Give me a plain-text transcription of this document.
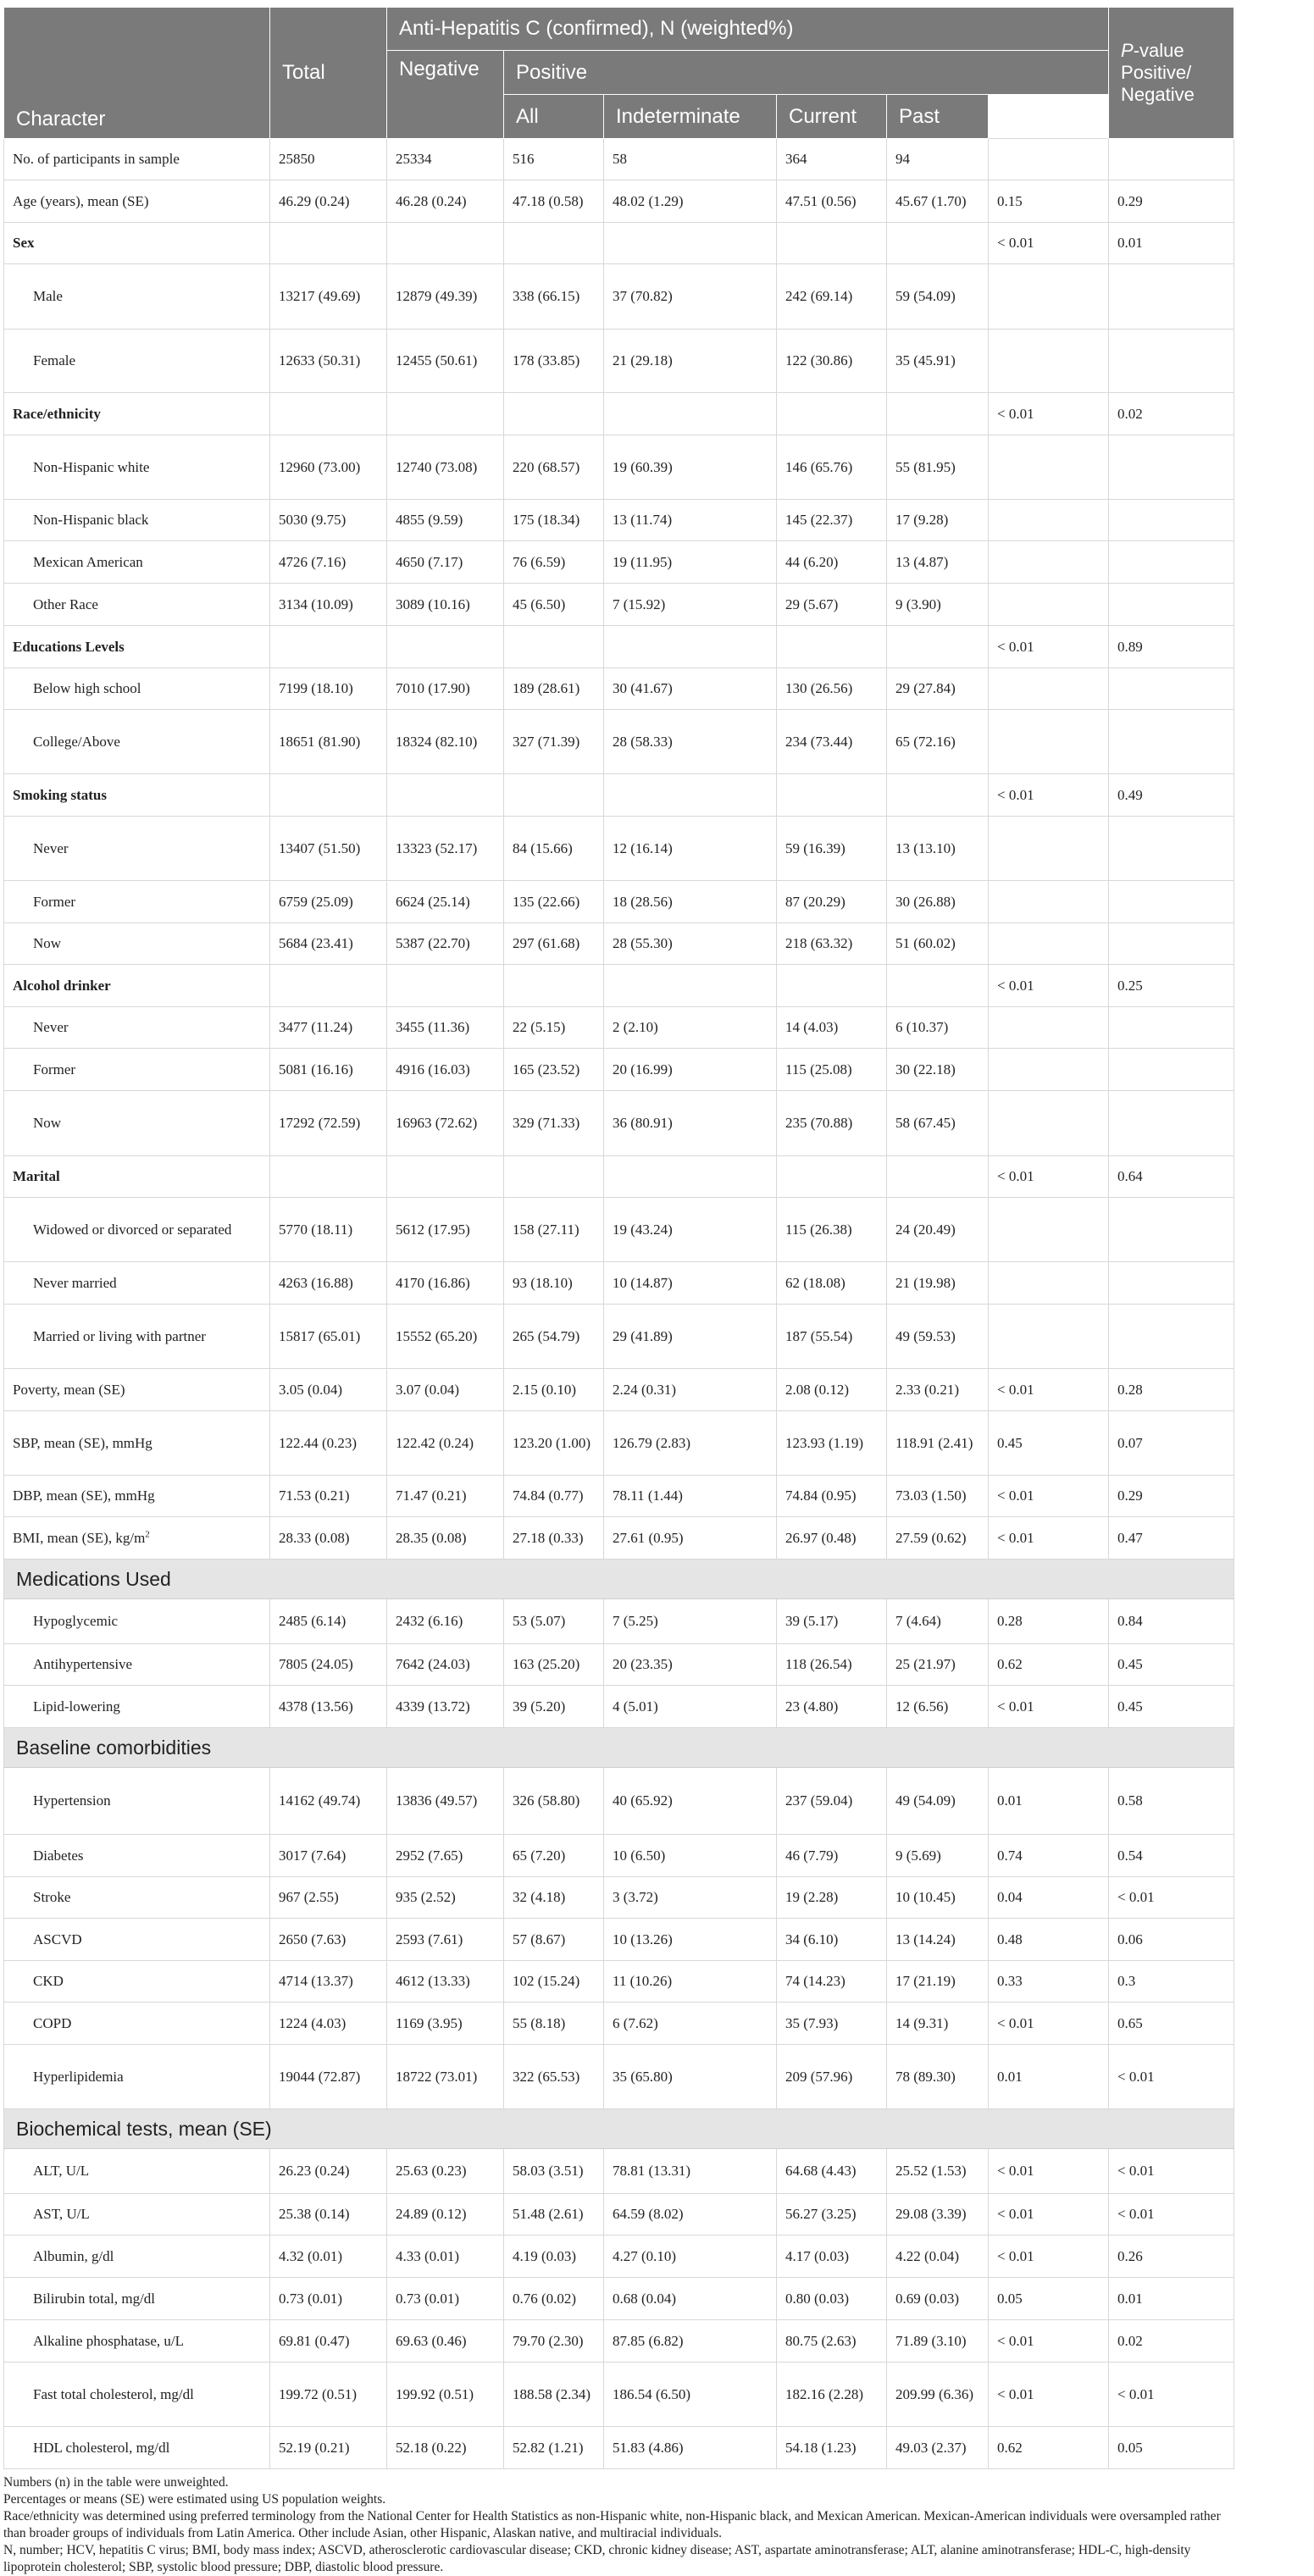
Character	Total	Anti-Hepatitis C (confirmed), N (weighted%)						P-value Positive/ Negative	P-value Current/ Past
		Negative	Positive						
			All	Indeterminate	Current	Past			
No. of participants in sample	25850	25334	516	58	364	94			
Age (years), mean (SE)	46.29 (0.24)	46.28 (0.24)	47.18 (0.58)	48.02 (1.29)	47.51 (0.56)	45.67 (1.70)	0.15	0.29	
Sex							< 0.01	0.01	
Male	13217 (49.69)	12879 (49.39)	338 (66.15)	37 (70.82)	242 (69.14)	59 (54.09)			
Female	12633 (50.31)	12455 (50.61)	178 (33.85)	21 (29.18)	122 (30.86)	35 (45.91)			
Race/ethnicity							< 0.01	0.02	
Non-Hispanic white	12960 (73.00)	12740 (73.08)	220 (68.57)	19 (60.39)	146 (65.76)	55 (81.95)			
Non-Hispanic black	5030 (9.75)	4855 (9.59)	175 (18.34)	13 (11.74)	145 (22.37)	17 (9.28)			
Mexican American	4726 (7.16)	4650 (7.17)	76 (6.59)	19 (11.95)	44 (6.20)	13 (4.87)			
Other Race	3134 (10.09)	3089 (10.16)	45 (6.50)	7 (15.92)	29 (5.67)	9 (3.90)			
Educations Levels							< 0.01	0.89	
Below high school	7199 (18.10)	7010 (17.90)	189 (28.61)	30 (41.67)	130 (26.56)	29 (27.84)			
College/Above	18651 (81.90)	18324 (82.10)	327 (71.39)	28 (58.33)	234 (73.44)	65 (72.16)			
Smoking status							< 0.01	0.49	
Never	13407 (51.50)	13323 (52.17)	84 (15.66)	12 (16.14)	59 (16.39)	13 (13.10)			
Former	6759 (25.09)	6624 (25.14)	135 (22.66)	18 (28.56)	87 (20.29)	30 (26.88)			
Now	5684 (23.41)	5387 (22.70)	297 (61.68)	28 (55.30)	218 (63.32)	51 (60.02)			
Alcohol drinker							< 0.01	0.25	
Never	3477 (11.24)	3455 (11.36)	22 (5.15)	2 (2.10)	14 (4.03)	6 (10.37)			
Former	5081 (16.16)	4916 (16.03)	165 (23.52)	20 (16.99)	115 (25.08)	30 (22.18)			
Now	17292 (72.59)	16963 (72.62)	329 (71.33)	36 (80.91)	235 (70.88)	58 (67.45)			
Marital							< 0.01	0.64	
Widowed or divorced or separated	5770 (18.11)	5612 (17.95)	158 (27.11)	19 (43.24)	115 (26.38)	24 (20.49)			
Never married	4263 (16.88)	4170 (16.86)	93 (18.10)	10 (14.87)	62 (18.08)	21 (19.98)			
Married or living with partner	15817 (65.01)	15552 (65.20)	265 (54.79)	29 (41.89)	187 (55.54)	49 (59.53)			
Poverty, mean (SE)	3.05 (0.04)	3.07 (0.04)	2.15 (0.10)	2.24 (0.31)	2.08 (0.12)	2.33 (0.21)	< 0.01	0.28	
SBP, mean (SE), mmHg	122.44 (0.23)	122.42 (0.24)	123.20 (1.00)	126.79 (2.83)	123.93 (1.19)	118.91 (2.41)	0.45	0.07	
DBP, mean (SE), mmHg	71.53 (0.21)	71.47 (0.21)	74.84 (0.77)	78.11 (1.44)	74.84 (0.95)	73.03 (1.50)	< 0.01	0.29	
BMI, mean (SE), $kg/m^2$	28.33 (0.08)	28.35 (0.08)	27.18 (0.33)	27.61 (0.95)	26.97 (0.48)	27.59 (0.62)	< 0.01	0.47	
Medications Used									
Hypoglycemic	2485 (6.14)	2432 (6.16)	53 (5.07)	7 (5.25)	39 (5.17)	7 (4.64)	0.28	0.84	
Antihypertensive	7805 (24.05)	7642 (24.03)	163 (25.20)	20 (23.35)	118 (26.54)	25 (21.97)	0.62	0.45	
Lipid-lowering	4378 (13.56)	4339 (13.72)	39 (5.20)	4 (5.01)	23 (4.80)	12 (6.56)	< 0.01	0.45	
Baseline comorbidities									
Hypertension	14162 (49.74)	13836 (49.57)	326 (58.80)	40 (65.92)	237 (59.04)	49 (54.09)	0.01	0.58	
Diabetes	3017 (7.64)	2952 (7.65)	65 (7.20)	10 (6.50)	46 (7.79)	9 (5.69)	0.74	0.54	
Stroke	967 (2.55)	935 (2.52)	32 (4.18)	3 (3.72)	19 (2.28)	10 (10.45)	0.04	< 0.01	
ASCVD	2650 (7.63)	2593 (7.61)	57 (8.67)	10 (13.26)	34 (6.10)	13 (14.24)	0.48	0.06	
CKD	4714 (13.37)	4612 (13.33)	102 (15.24)	11 (10.26)	74 (14.23)	17 (21.19)	0.33	0.3	
COPD	1224 (4.03)	1169 (3.95)	55 (8.18)	6 (7.62)	35 (7.93)	14 (9.31)	< 0.01	0.65	
Hyperlipidemia	19044 (72.87)	18722 (73.01)	322 (65.53)	35 (65.80)	209 (57.96)	78 (89.30)	0.01	< 0.01	
Biochemical tests, mean (SE)									
ALT, U/L	26.23 (0.24)	25.63 (0.23)	58.03 (3.51)	78.81 (13.31)	64.68 (4.43)	25.52 (1.53)	< 0.01	< 0.01	
AST, U/L	25.38 (0.14)	24.89 (0.12)	51.48 (2.61)	64.59 (8.02)	56.27 (3.25)	29.08 (3.39)	< 0.01	< 0.01	
Albumin, g/dl	4.32 (0.01)	4.33 (0.01)	4.19 (0.03)	4.27 (0.10)	4.17 (0.03)	4.22 (0.04)	< 0.01	0.26	
Bilirubin total, mg/dl	0.73 (0.01)	0.73 (0.01)	0.76 (0.02)	0.68 (0.04)	0.80 (0.03)	0.69 (0.03)	0.05	0.01	
Alkaline phosphatase, u/L	69.81 (0.47)	69.63 (0.46)	79.70 (2.30)	87.85 (6.82)	80.75 (2.63)	71.89 (3.10)	< 0.01	0.02	
Fast total cholesterol, mg/dl	199.72 (0.51)	199.92 (0.51)	188.58 (2.34)	186.54 (6.50)	182.16 (2.28)	209.99 (6.36)	< 0.01	< 0.01	
HDL cholesterol, mg/dl	52.19 (0.21)	52.18 (0.22)	52.82 (1.21)	51.83 (4.86)	54.18 (1.23)	49.03 (2.37)	0.62	0.05	

Numbers (n) in the table were unweighted.

Percentages or means (SE) were estimated using US population weights.

Race/ethnicity was determined using preferred terminology from the National Center for Health Statistics as non-Hispanic white, non-Hispanic black, and Mexican American. Mexican-American individuals were oversampled rather than broader groups of individuals from Latin America. Other include Asian, other Hispanic, Alaskan native, and multiracial individuals.

N, number; HCV, hepatitis C virus; BMI, body mass index; ASCVD, atherosclerotic cardiovascular disease; CKD, chronic kidney disease; AST, aspartate aminotransferase; ALT, alanine aminotransferase; HDL-C, high-density lipoprotein cholesterol; SBP, systolic blood pressure; DBP, diastolic blood pressure.
